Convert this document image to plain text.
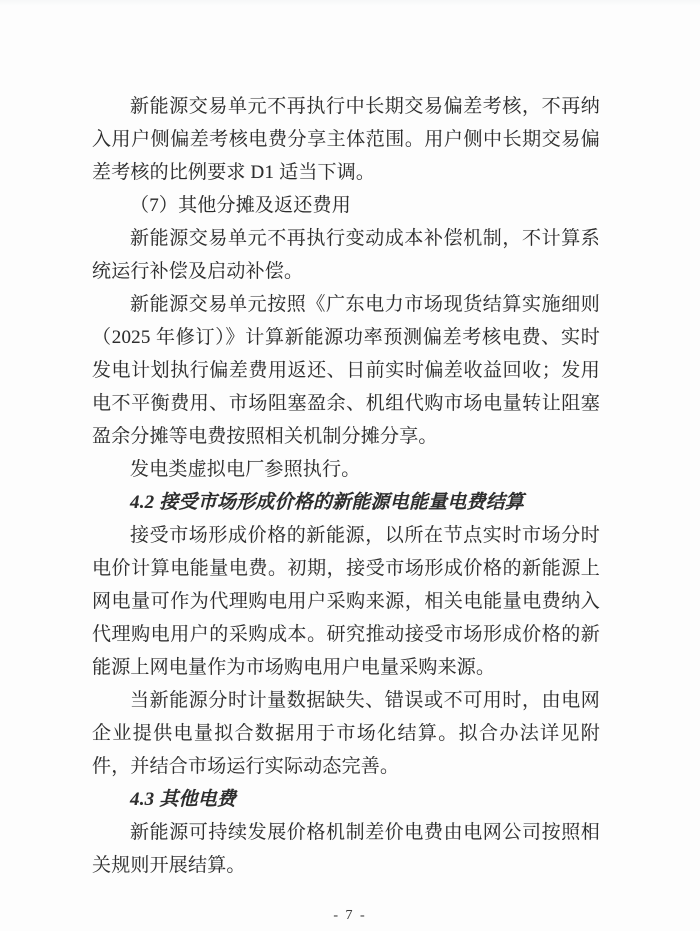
新能源交易单元不再执行中长期交易偏差考核，不再纳入用户侧偏差考核电费分享主体范围。用户侧中长期交易偏差考核的比例要求 D1 适当下调。

（7）其他分摊及返还费用

新能源交易单元不再执行变动成本补偿机制，不计算系统运行补偿及启动补偿。

新能源交易单元按照《广东电力市场现货结算实施细则（2025 年修订）》计算新能源功率预测偏差考核电费、实时发电计划执行偏差费用返还、日前实时偏差收益回收；发用电不平衡费用、市场阻塞盈余、机组代购市场电量转让阻塞盈余分摊等电费按照相关机制分摊分享。

发电类虚拟电厂参照执行。

4.2 接受市场形成价格的新能源电能量电费结算

接受市场形成价格的新能源，以所在节点实时市场分时电价计算电能量电费。初期，接受市场形成价格的新能源上网电量可作为代理购电用户采购来源，相关电能量电费纳入代理购电用户的采购成本。研究推动接受市场形成价格的新能源上网电量作为市场购电用户电量采购来源。

当新能源分时计量数据缺失、错误或不可用时，由电网企业提供电量拟合数据用于市场化结算。拟合办法详见附件，并结合市场运行实际动态完善。

4.3 其他电费

新能源可持续发展价格机制差价电费由电网公司按照相关规则开展结算。

- 7 -
